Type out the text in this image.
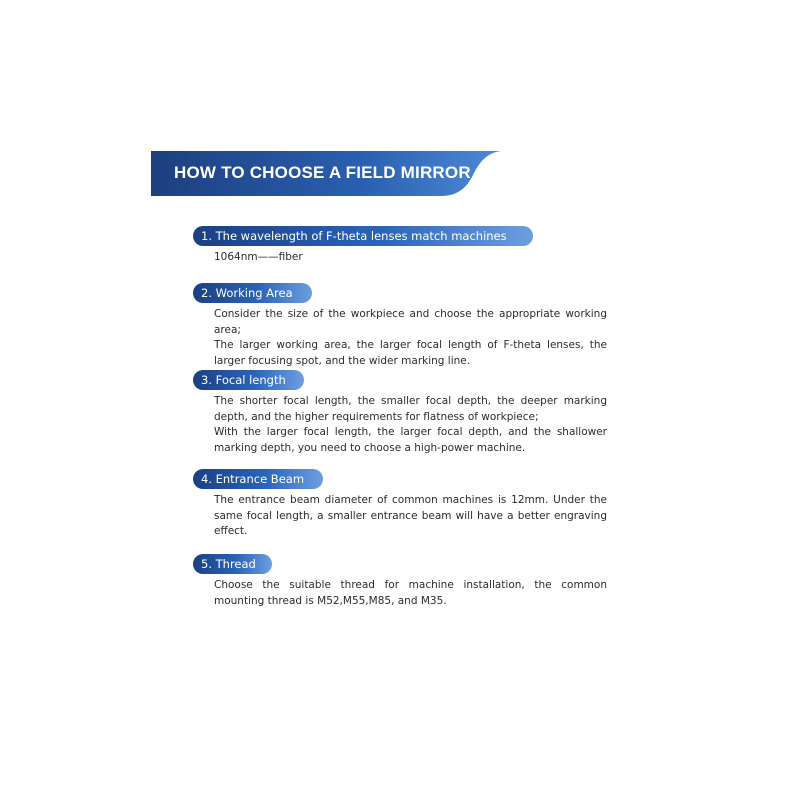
HOW TO CHOOSE A FIELD MIRROR
1. The wavelength of F-theta lenses match machines

1064nm——fiber

2. Working Area

Consider the size of the workpiece and choose the appropriate working area;

The larger working area, the larger focal length of F-theta lenses, the larger focusing spot, and the wider marking line.

3. Focal length

The shorter focal length, the smaller focal depth, the deeper marking depth, and the higher requirements for flatness of workpiece;

With the larger focal length, the larger focal depth, and the shallower marking depth, you need to choose a high-power machine.

4. Entrance Beam

The entrance beam diameter of common machines is 12mm. Under the same focal length, a smaller entrance beam will have a better engraving effect.

5. Thread

Choose the suitable thread for machine installation, the common mounting thread is M52,M55,M85, and M35.
